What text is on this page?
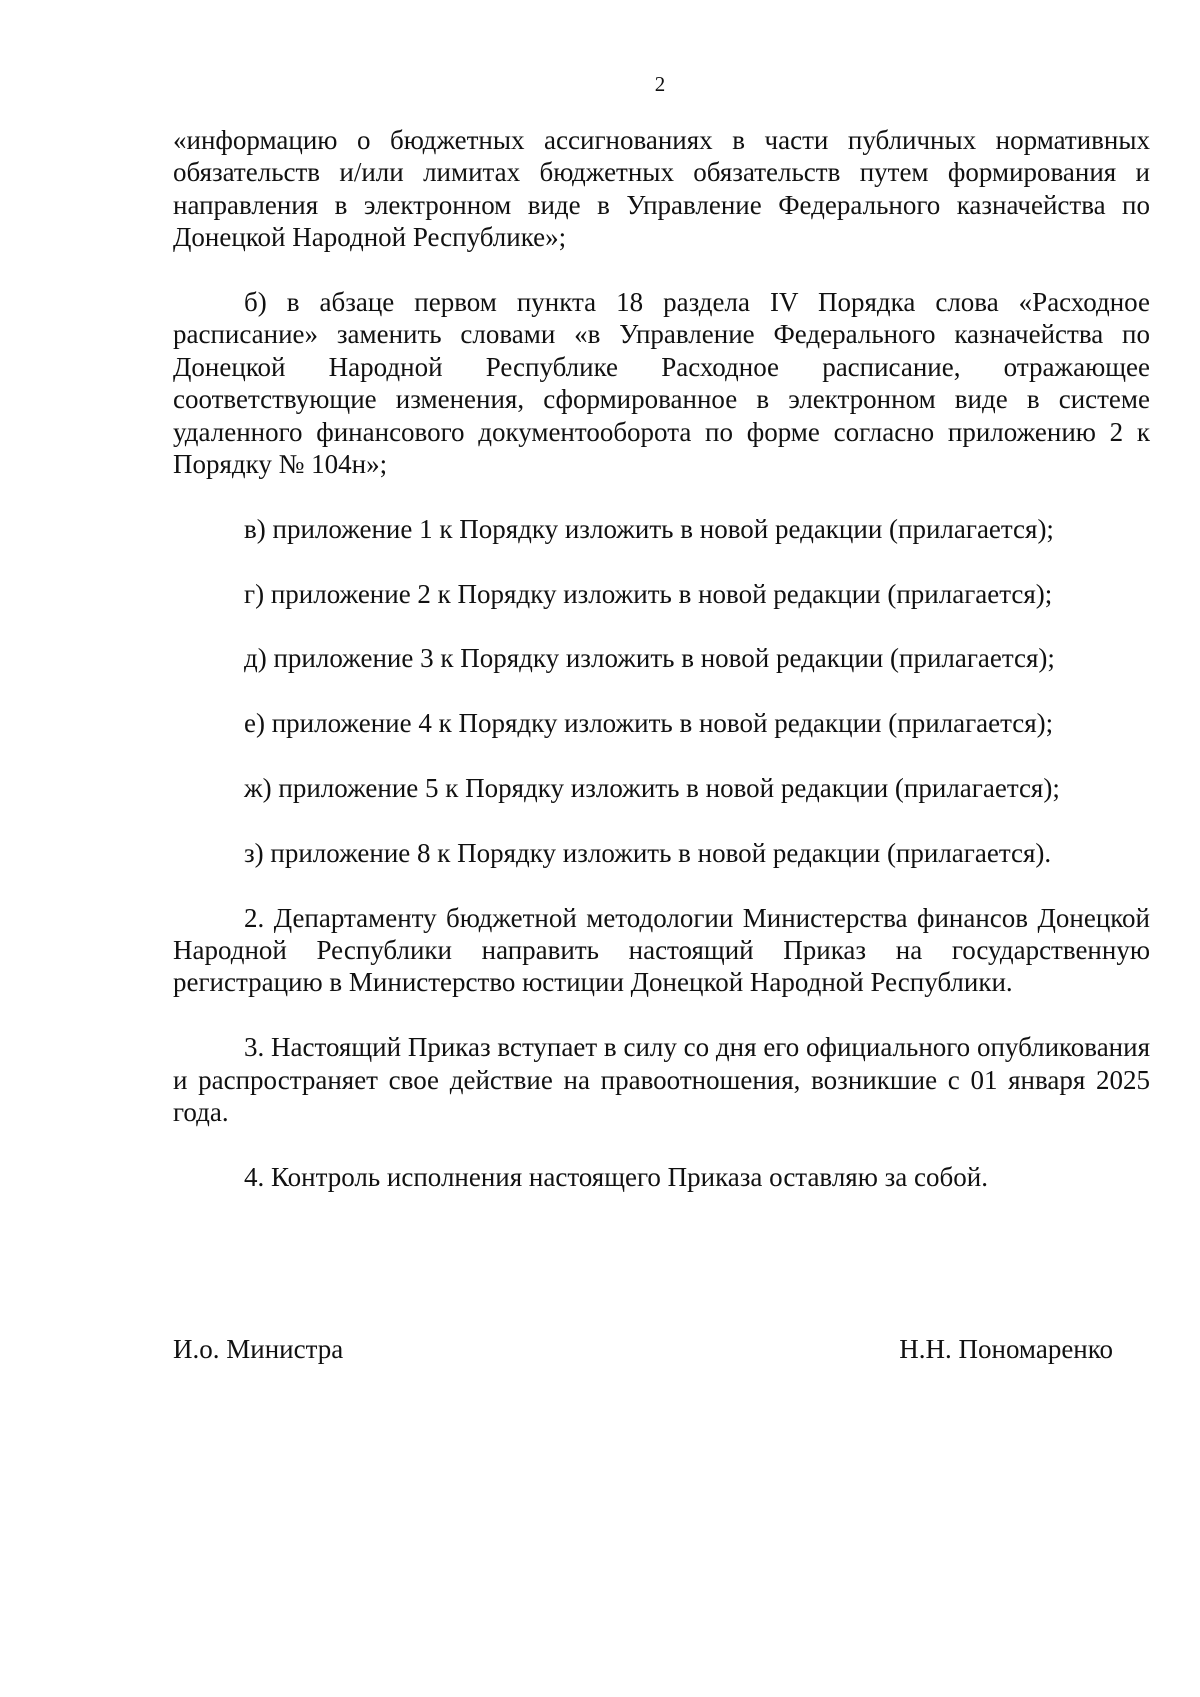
2

«информацию о бюджетных ассигнованиях в части публичных нормативных обязательств и/или лимитах бюджетных обязательств путем формирования и направления в электронном виде в Управление Федерального казначейства по Донецкой Народной Республике»;

б) в абзаце первом пункта 18 раздела IV Порядка слова «Расходное расписание» заменить словами «в Управление Федерального казначейства по Донецкой Народной Республике Расходное расписание, отражающее соответствующие изменения, сформированное в электронном виде в системе удаленного финансового документооборота по форме согласно приложению 2 к Порядку № 104н»;

в) приложение 1 к Порядку изложить в новой редакции (прилагается);

г) приложение 2 к Порядку изложить в новой редакции (прилагается);

д) приложение 3 к Порядку изложить в новой редакции (прилагается);

е) приложение 4 к Порядку изложить в новой редакции (прилагается);

ж) приложение 5 к Порядку изложить в новой редакции (прилагается);

з) приложение 8 к Порядку изложить в новой редакции (прилагается).

2. Департаменту бюджетной методологии Министерства финансов Донецкой Народной Республики направить настоящий Приказ на государственную регистрацию в Министерство юстиции Донецкой Народной Республики.

3. Настоящий Приказ вступает в силу со дня его официального опубликования и распространяет свое действие на правоотношения, возникшие с 01 января 2025 года.

4. Контроль исполнения настоящего Приказа оставляю за собой.

И.о. Министра	Н.Н. Пономаренко
